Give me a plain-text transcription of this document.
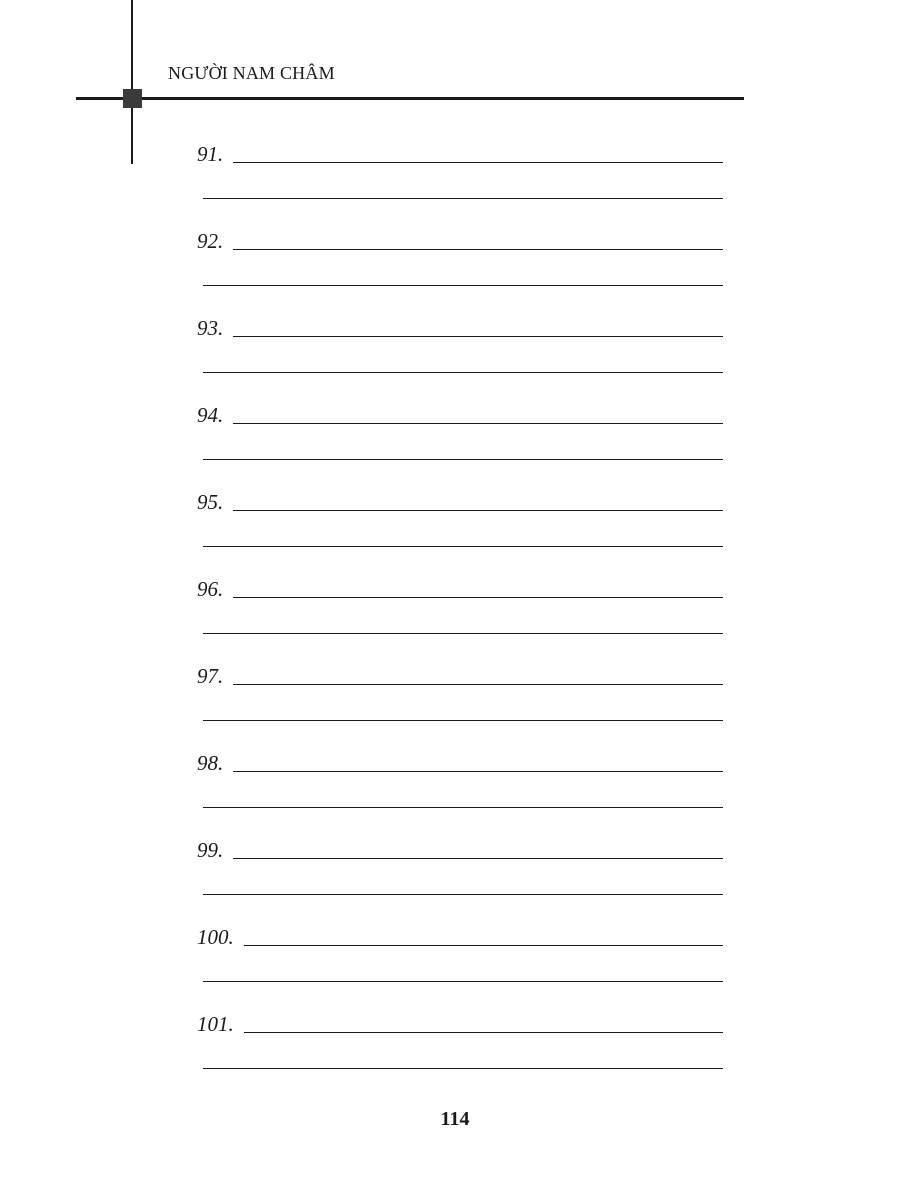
NGƯỜI NAM CHÂM
91.
92.
93.
94.
95.
96.
97.
98.
99.
100.
101.
114
